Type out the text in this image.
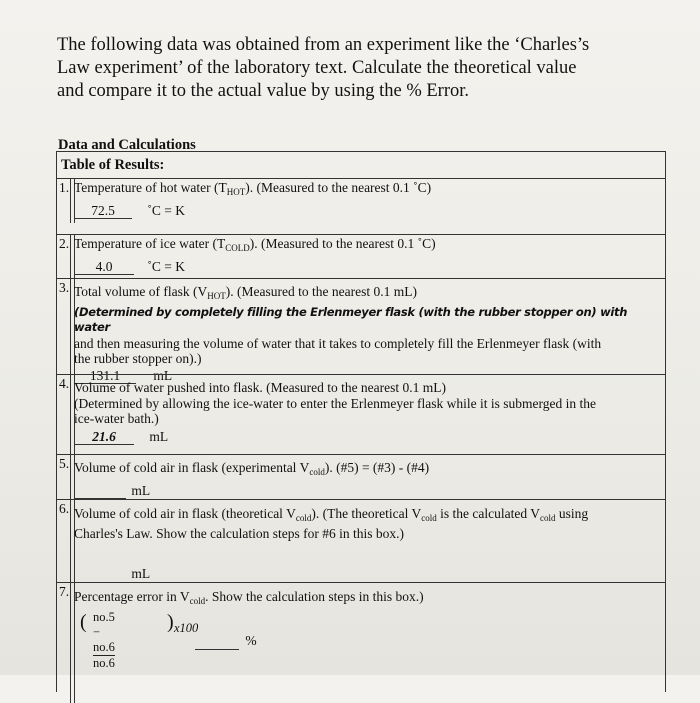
The following data was obtained from an experiment like the ‘Charles’s

Law experiment’ of the laboratory text. Calculate the theoretical value

and compare it to the actual value by using the % Error.

Data and Calculations
Table of Results:
1. Temperature of hot water $(T_{HOT})$. (Measured to the nearest 0.1 ˚C)
72.5 ˚C = K
2. Temperature of ice water $(T_{COLD})$. (Measured to the nearest 0.1 ˚C)
4.0	˚C = K
3. Total volume of flask $(V_{HOT})$. (Measured to the nearest 0.1 mL)
(Determined by completely filling the Erlenmeyer flask (with the rubber stopper on) with water
and then measuring the volume of water that it takes to completely fill the Erlenmeyer flask (with
the rubber stopper on).)
131.1 mL
4. Volume of water pushed into flask. (Measured to the nearest 0.1 mL)
(Determined by allowing the ice-water to enter the Erlenmeyer flask while it is submerged in the
ice-water bath.)
21.6 mL
5. Volume of cold air in flask (experimental $V_{cold}$). (#5) = (#3) - (#4)
mL
6. Volume of cold air in flask (theoretical $V_{cold}$). (The theoretical $V_{cold}$ is the calculated $V_{cold}$ using
Charles's Law. Show the calculation steps for #6 in this box.)
mL
7. Percentage error in $V_{cold}$. Show the calculation steps in this box.)
( no.5 − no.6
no.6
) x100
%
